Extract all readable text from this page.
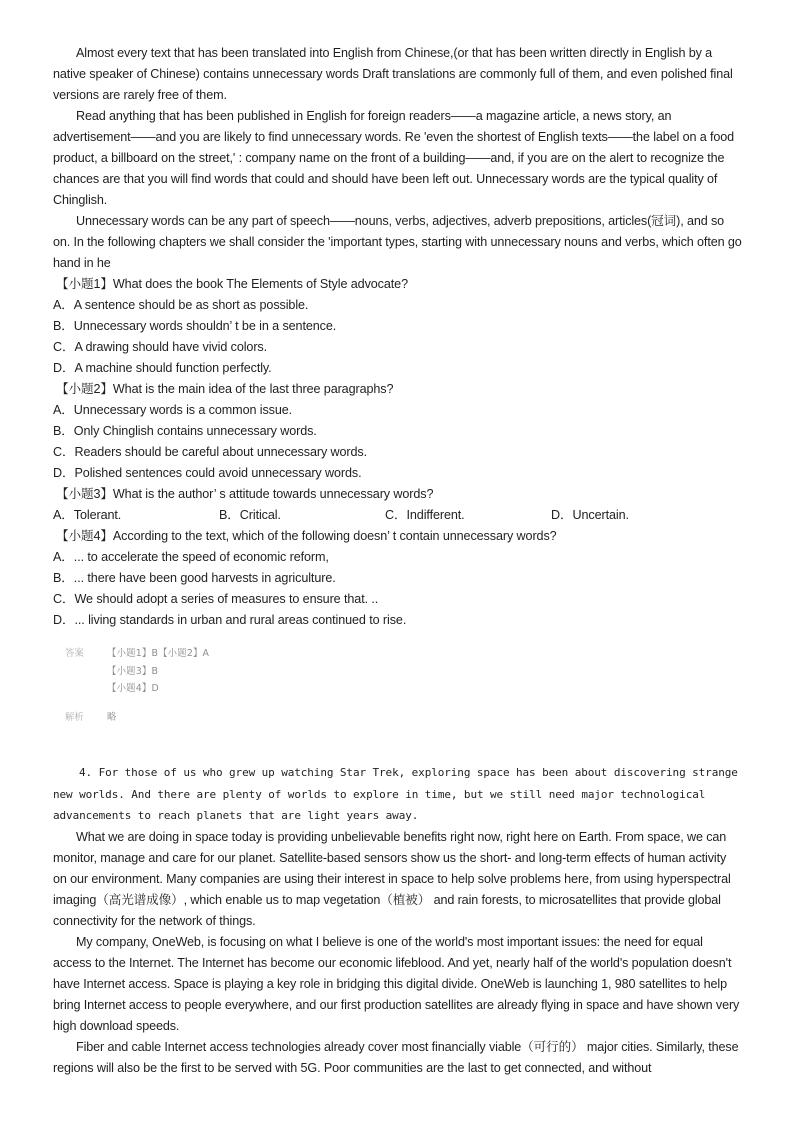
Almost every text that has been translated into English from Chinese,(or that has been written directly in English by a native speaker of Chinese) contains unnecessary words Draft translations are commonly full of them, and even polished final versions are rarely free of them.

Read anything that has been published in English for foreign readers——a magazine article, a news story, an advertisement——and you are likely to find unnecessary words. Re 'even the shortest of English texts——the label on a food product, a billboard on the street,' : company name on the front of a building——and, if you are on the alert to recognize the chances are that you will find words that could and should have been left out. Unnecessary words are the typical quality of Chinglish.

Unnecessary words can be any part of speech——nouns, verbs, adjectives, adverb prepositions, articles(冠词), and so on. In the following chapters we shall consider the 'important types, starting with unnecessary nouns and verbs, which often go hand in he

【小题1】What does the book The Elements of Style advocate?

A．A sentence should be as short as possible.

B．Unnecessary words shouldn’ t be in a sentence.

C．A drawing should have vivid colors.

D．A machine should function perfectly.

【小题2】What is the main idea of the last three paragraphs?

A．Unnecessary words is a common issue.

B．Only Chinglish contains unnecessary words.

C．Readers should be careful about unnecessary words.

D．Polished sentences could avoid unnecessary words.

【小题3】What is the author’ s attitude towards unnecessary words?

A．Tolerant.	B．Critical.	C．Indifferent.	D．Uncertain.

【小题4】According to the text, which of the following doesn’ t contain unnecessary words?

A．... to accelerate the speed of economic reform,

B．... there have been good harvests in agriculture.

C．We should adopt a series of measures to ensure that. ..

D．... living standards in urban and rural areas continued to rise.

答案	【小题1】B【小题2】A
【小题3】B
【小题4】D
解析	略

4. For those of us who grew up watching Star Trek, exploring space has been about discovering strange new worlds. And there are plenty of worlds to explore in time, but we still need major technological advancements to reach planets that are light years away.

What we are doing in space today is providing unbelievable benefits right now, right here on Earth. From space, we can monitor, manage and care for our planet. Satellite-based sensors show us the short- and long-term effects of human activity on our environment. Many companies are using their interest in space to help solve problems here, from using hyperspectral imaging（高光谱成像）, which enable us to map vegetation（植被） and rain forests, to microsatellites that provide global connectivity for the network of things.

My company, OneWeb, is focusing on what I believe is one of the world's most important issues: the need for equal access to the Internet. The Internet has become our economic lifeblood. And yet, nearly half of the world's population doesn't have Internet access. Space is playing a key role in bridging this digital divide. OneWeb is launching 1, 980 satellites to help bring Internet access to people everywhere, and our first production satellites are already flying in space and have shown very high download speeds.

Fiber and cable Internet access technologies already cover most financially viable（可行的） major cities. Similarly, these regions will also be the first to be served with 5G. Poor communities are the last to get connected, and without
